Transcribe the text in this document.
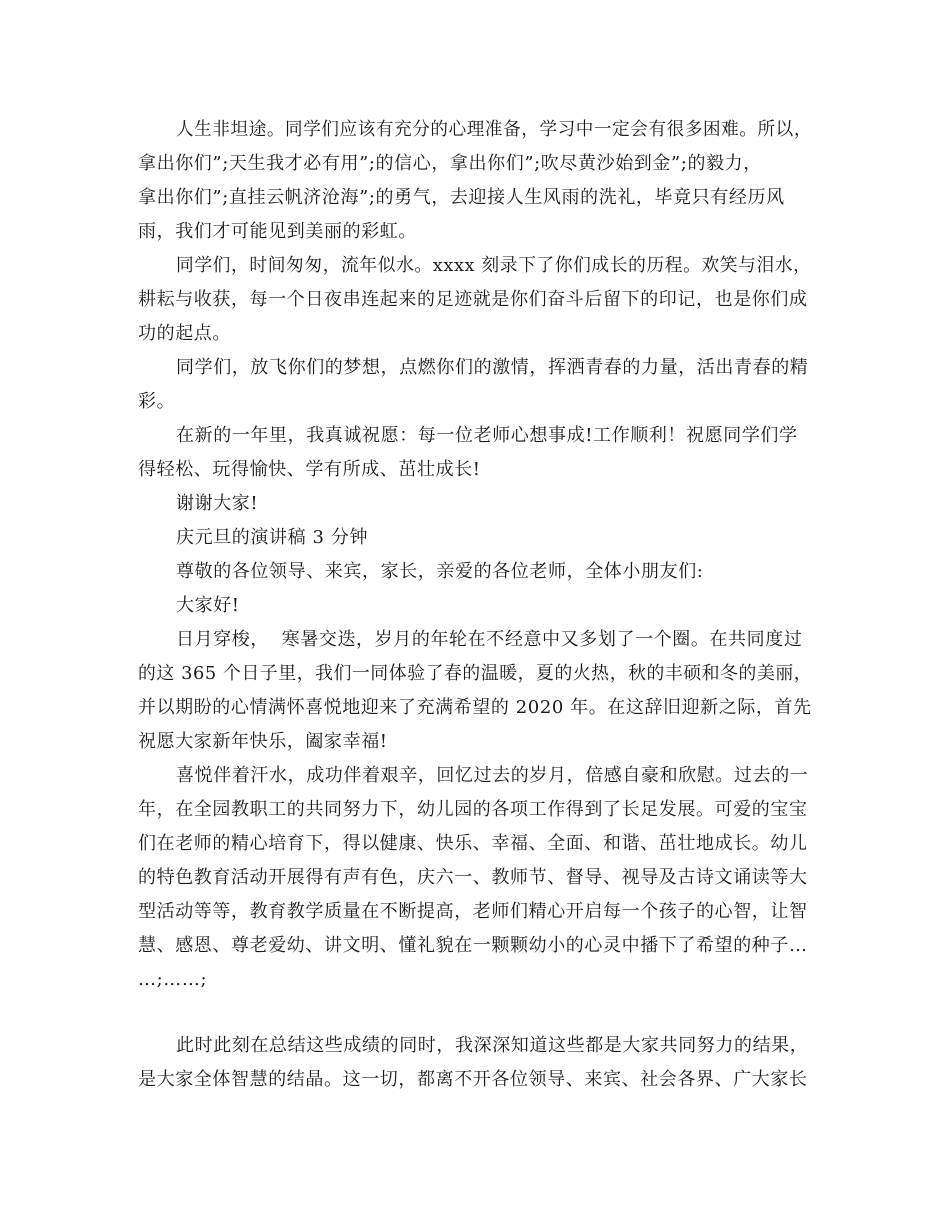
人生非坦途。同学们应该有充分的心理准备，学习中一定会有很多困难。所以，
拿出你们”;天生我才必有用”;的信心，拿出你们”;吹尽黄沙始到金”;的毅力，
拿出你们”;直挂云帆济沧海”;的勇气，去迎接人生风雨的洗礼，毕竟只有经历风
雨，我们才可能见到美丽的彩虹。
同学们，时间匆匆，流年似水。xxxx 刻录下了你们成长的历程。欢笑与泪水，
耕耘与收获，每一个日夜串连起来的足迹就是你们奋斗后留下的印记，也是你们成
功的起点。
同学们，放飞你们的梦想，点燃你们的激情，挥洒青春的力量，活出青春的精
彩。
在新的一年里，我真诚祝愿：每一位老师心想事成!工作顺利！祝愿同学们学
得轻松、玩得愉快、学有所成、茁壮成长!
谢谢大家!
庆元旦的演讲稿 3 分钟
尊敬的各位领导、来宾，家长，亲爱的各位老师，全体小朋友们:
大家好!
日月穿梭，  寒暑交迭，岁月的年轮在不经意中又多划了一个圈。在共同度过
的这 365 个日子里，我们一同体验了春的温暖，夏的火热，秋的丰硕和冬的美丽，
并以期盼的心情满怀喜悦地迎来了充满希望的 2020 年。在这辞旧迎新之际，首先
祝愿大家新年快乐，阖家幸福!
喜悦伴着汗水，成功伴着艰辛，回忆过去的岁月，倍感自豪和欣慰。过去的一
年，在全园教职工的共同努力下，幼儿园的各项工作得到了长足发展。可爱的宝宝
们在老师的精心培育下，得以健康、快乐、幸福、全面、和谐、茁壮地成长。幼儿
的特色教育活动开展得有声有色，庆六一、教师节、督导、视导及古诗文诵读等大
型活动等等，教育教学质量在不断提高，老师们精心开启每一个孩子的心智，让智
慧、感恩、尊老爱幼、讲文明、懂礼貌在一颗颗幼小的心灵中播下了希望的种子…
…;……;
此时此刻在总结这些成绩的同时，我深深知道这些都是大家共同努力的结果，
是大家全体智慧的结晶。这一切，都离不开各位领导、来宾、社会各界、广大家长
